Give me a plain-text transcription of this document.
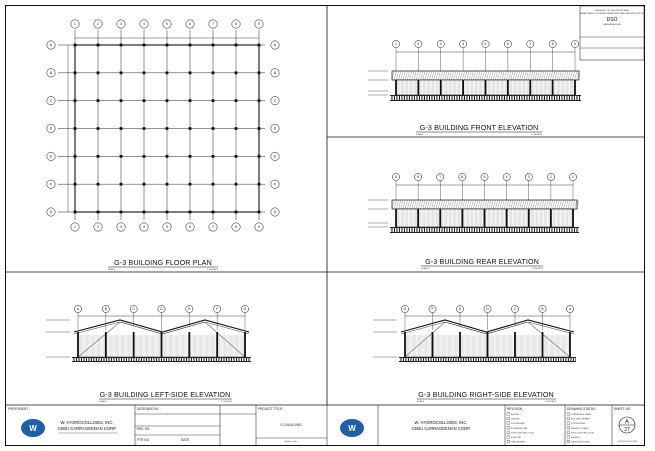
REPUBLIC OF THE PHILIPPINES
DEPARTMENT OF ENVIRONMENT AND NATURAL RESOURCES
DSO
CAR-AREA/CEBU
1
1
2
2
3
3
4
4
5
5
6
6
7
7
8
8
9
9
A	A
B	B
C	C
D	D
E	E
F	F
G	G
G-3 BUILDING FLOOR PLAN
SCALE	1:200 MTS
1	2	3	4	5	6	7	8	9
G-3 BUILDING FRONT ELEVATION
SCALE	1:200 MTS
9	8	7	6	5	4	3	2	1
G-3 BUILDING REAR ELEVATION
SCALE	1:200 MTS
A	B	C	D	E	F	G
G-3 BUILDING LEFT-SIDE ELEVATION
SCALE	1:200 MTS
G	F	E	D	C	B	A
G-3 BUILDING RIGHT-SIDE ELEVATION
SCALE	1:200 MTS
PROPONENT :
W
W. HYDROCOLLOIDS, INC.
CEBU CARRAGEENAN CORP.
DESIGNED BY :
PRC NO.
PTR NO.	DATE
PROJECT TITLE :
G-3 BUILDING
Bilalac, Cebu
W
W. HYDROCOLLOIDS, INC.
CEBU CARRAGEENAN CORP.
REVISION
AS-BUILT
DESIGN
FOR REVIEW
FOR APPROVAL
FOR CONSTRUCTION
EXISTING
PRELIMINARY
DRAWING STATUS :
PLANNING/ZONING
BUILDING PERMIT
FOR BIDDING
AS-BUILT PLANS
FOR CONSTRUCTION
AS-BUILT
SALES/SPECIFIED
SHEET NO :
A
27
HYDROCOLLOIDS
